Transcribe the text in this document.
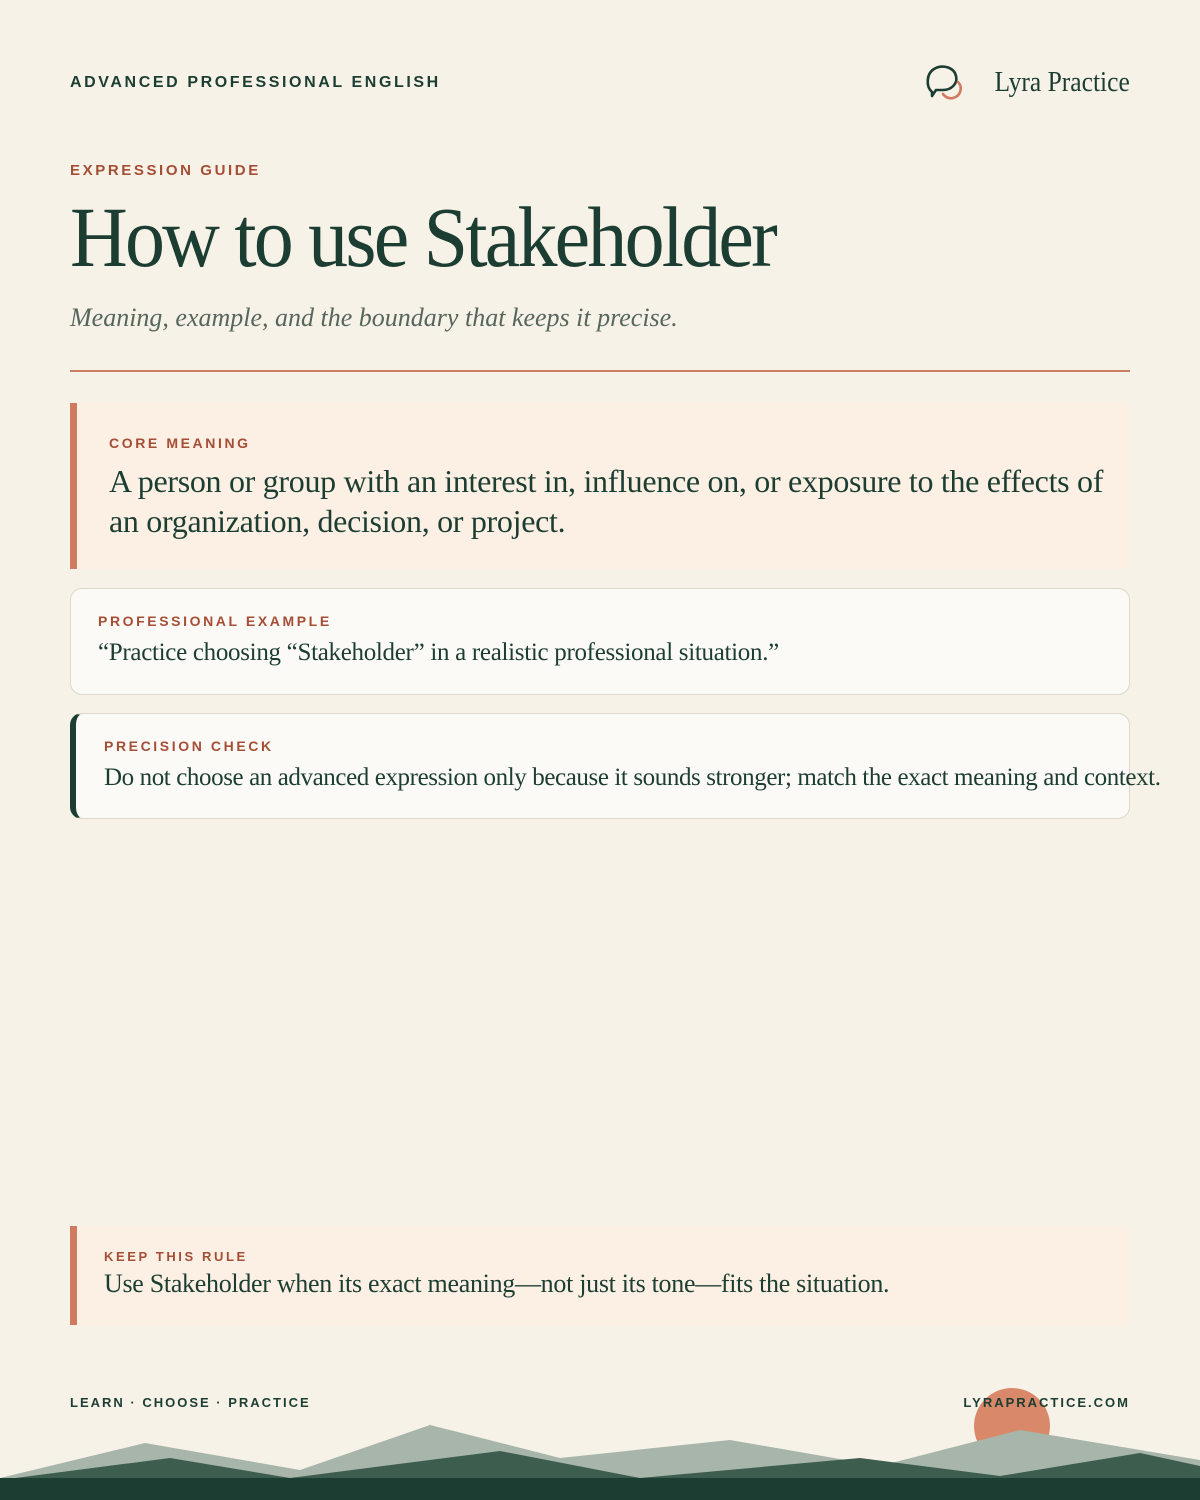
ADVANCED PROFESSIONAL ENGLISH	Lyra Practice
EXPRESSION GUIDE
How to use Stakeholder
Meaning, example, and the boundary that keeps it precise.
CORE MEANING
A person or group with an interest in, influence on, or exposure to the effects of an organization, decision, or project.
PROFESSIONAL EXAMPLE
“Practice choosing “Stakeholder” in a realistic professional situation.”
PRECISION CHECK
Do not choose an advanced expression only because it sounds stronger; match the exact meaning and context.
KEEP THIS RULE
Use Stakeholder when its exact meaning—not just its tone—fits the situation.
LEARN · CHOOSE · PRACTICE	LYRAPRACTICE.COM
